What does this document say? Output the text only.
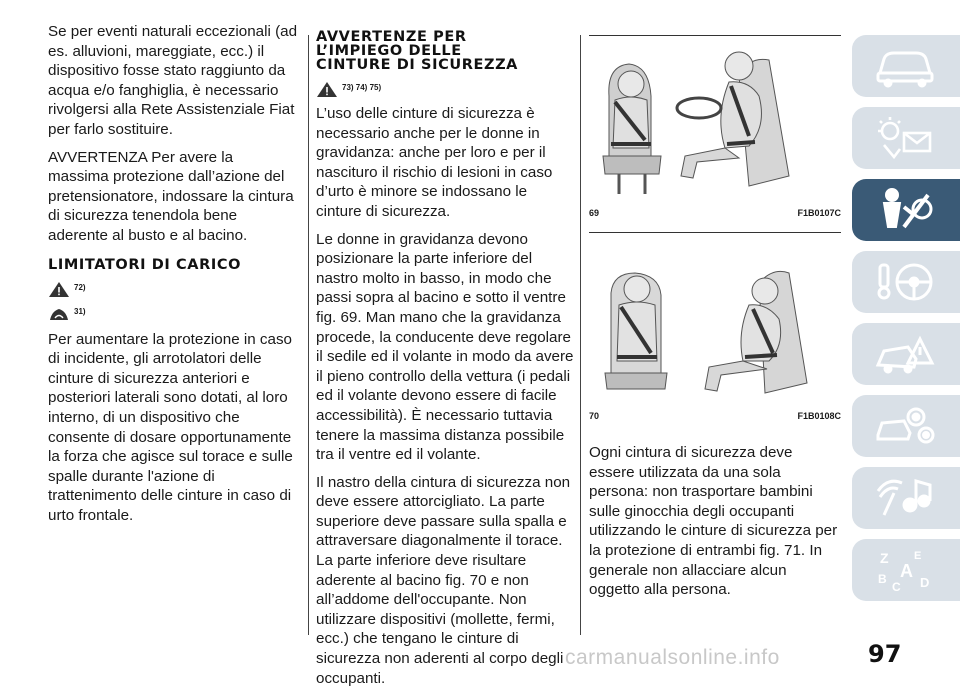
Se per eventi naturali eccezionali (ad es. alluvioni, mareggiate, ecc.) il dispositivo fosse stato raggiunto da acqua e/o fanghiglia, è necessario rivolgersi alla Rete Assistenziale Fiat per farlo sostituire.

AVVERTENZA Per avere la massima protezione dall’azione del pretensionatore, indossare la cintura di sicurezza tenendola bene aderente al busto e al bacino.

LIMITATORI DI CARICO
72)
31)

Per aumentare la protezione in caso di incidente, gli arrotolatori delle cinture di sicurezza anteriori e posteriori laterali sono dotati, al loro interno, di un dispositivo che consente di dosare opportunamente la forza che agisce sul torace e sulle spalle durante l'azione di trattenimento delle cinture in caso di urto frontale.

AVVERTENZE PER
L’IMPIEGO DELLE
CINTURE DI SICUREZZA
73) 74) 75)

L’uso delle cinture di sicurezza è necessario anche per le donne in gravidanza: anche per loro e per il nascituro il rischio di lesioni in caso d’urto è minore se indossano le cinture di sicurezza.

Le donne in gravidanza devono posizionare la parte inferiore del nastro molto in basso, in modo che passi sopra al bacino e sotto il ventre fig. 69. Man mano che la gravidanza procede, la conducente deve regolare il sedile ed il volante in modo da avere il pieno controllo della vettura (i pedali ed il volante devono essere di facile accessibilità). È necessario tuttavia tenere la massima distanza possibile tra il ventre ed il volante.

Il nastro della cintura di sicurezza non deve essere attorcigliato. La parte superiore deve passare sulla spalla e attraversare diagonalmente il torace. La parte inferiore deve risultare aderente al bacino fig. 70 e non all’addome dell'occupante. Non utilizzare dispositivi (mollette, fermi, ecc.) che tengano le cinture di sicurezza non aderenti al corpo degli occupanti.

69	F1B0107C
70	F1B0108C

Ogni cintura di sicurezza deve essere utilizzata da una sola persona: non trasportare bambini sulle ginocchia degli occupanti utilizzando le cinture di sicurezza per la protezione di entrambi fig. 71. In generale non allacciare alcun oggetto alla persona.

Z E
A
B
C D
97
carmanualsonline.info
